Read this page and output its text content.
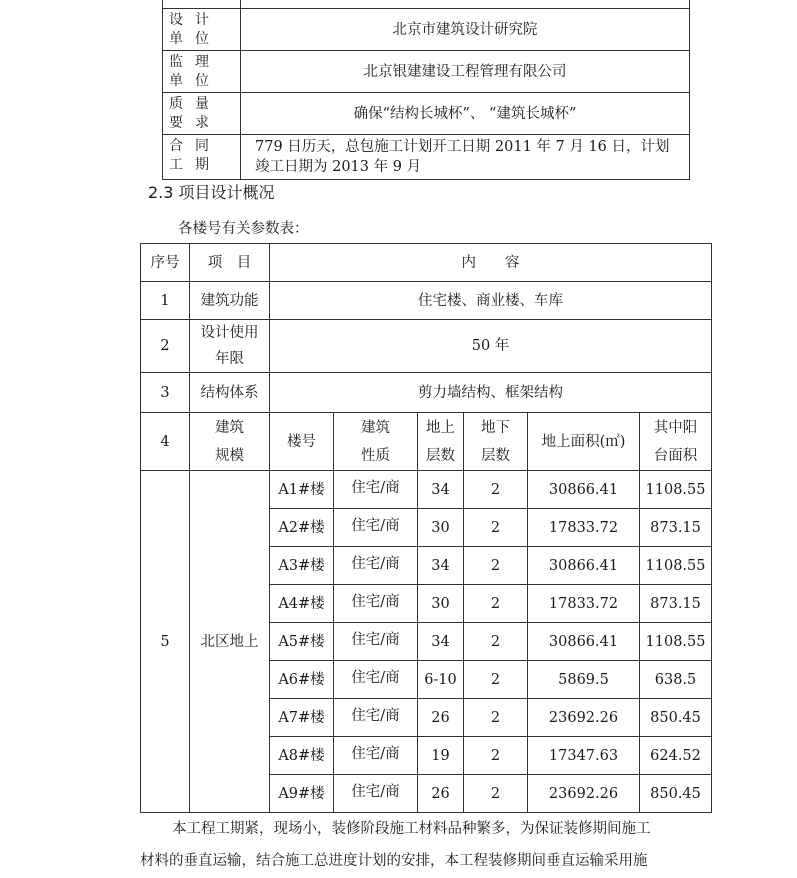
设计单位	北京市建筑设计研究院
监理单位	北京银建建设工程管理有限公司
质量要求	确保“结构长城杯”、 “建筑长城杯”
合同工期	779 日历天，总包施工计划开工日期 2011 年 7 月 16 日，计划竣工日期为 2013 年 9 月
2.3 项目设计概况
各楼号有关参数表：
序号	项　目	内　　容					
1	建筑功能	住宅楼、商业楼、车库					
2	设计使用年限	50 年					
3	结构体系	剪力墙结构、框架结构					
4	建筑规模	楼号	建筑性质	地上层数	地下层数	地上面积(㎡)	其中阳台面积
5	北区地上	A1#楼	住宅/商	34	2	30866.41	1108.55
		A2#楼	住宅/商	30	2	17833.72	873.15
		A3#楼	住宅/商	34	2	30866.41	1108.55
		A4#楼	住宅/商	30	2	17833.72	873.15
		A5#楼	住宅/商	34	2	30866.41	1108.55
		A6#楼	住宅/商	6-10	2	5869.5	638.5
		A7#楼	住宅/商	26	2	23692.26	850.45
		A8#楼	住宅/商	19	2	17347.63	624.52
		A9#楼	住宅/商	26	2	23692.26	850.45
本工程工期紧，现场小，装修阶段施工材料品种繁多，为保证装修期间施工
材料的垂直运输，结合施工总进度计划的安排，本工程装修期间垂直运输采用施
